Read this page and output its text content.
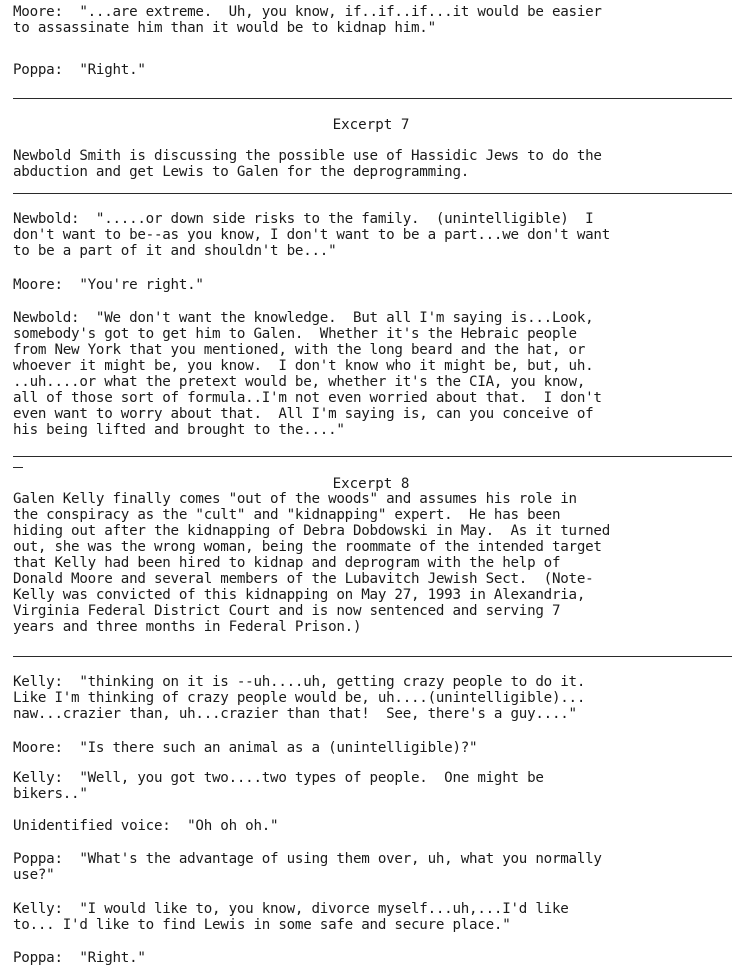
Moore:  "...are extreme.  Uh, you know, if..if..if...it would be easier
to assassinate him than it would be to kidnap him."
Poppa:  "Right."
Excerpt 7
Newbold Smith is discussing the possible use of Hassidic Jews to do the
abduction and get Lewis to Galen for the deprogramming.
Newbold:  ".....or down side risks to the family.  (unintelligible)  I
don't want to be--as you know, I don't want to be a part...we don't want
to be a part of it and shouldn't be..."
Moore:  "You're right."
Newbold:  "We don't want the knowledge.  But all I'm saying is...Look,
somebody's got to get him to Galen.  Whether it's the Hebraic people
from New York that you mentioned, with the long beard and the hat, or
whoever it might be, you know.  I don't know who it might be, but, uh.
..uh....or what the pretext would be, whether it's the CIA, you know,
all of those sort of formula..I'm not even worried about that.  I don't
even want to worry about that.  All I'm saying is, can you conceive of
his being lifted and brought to the...."
Excerpt 8
Galen Kelly finally comes "out of the woods" and assumes his role in
the conspiracy as the "cult" and "kidnapping" expert.  He has been
hiding out after the kidnapping of Debra Dobdowski in May.  As it turned
out, she was the wrong woman, being the roommate of the intended target
that Kelly had been hired to kidnap and deprogram with the help of
Donald Moore and several members of the Lubavitch Jewish Sect.  (Note-
Kelly was convicted of this kidnapping on May 27, 1993 in Alexandria,
Virginia Federal District Court and is now sentenced and serving 7
years and three months in Federal Prison.)
Kelly:  "thinking on it is --uh....uh, getting crazy people to do it.
Like I'm thinking of crazy people would be, uh....(unintelligible)...
naw...crazier than, uh...crazier than that!  See, there's a guy...."
Moore:  "Is there such an animal as a (unintelligible)?"
Kelly:  "Well, you got two....two types of people.  One might be
bikers.."
Unidentified voice:  "Oh oh oh."
Poppa:  "What's the advantage of using them over, uh, what you normally
use?"
Kelly:  "I would like to, you know, divorce myself...uh,...I'd like
to... I'd like to find Lewis in some safe and secure place."
Poppa:  "Right."
